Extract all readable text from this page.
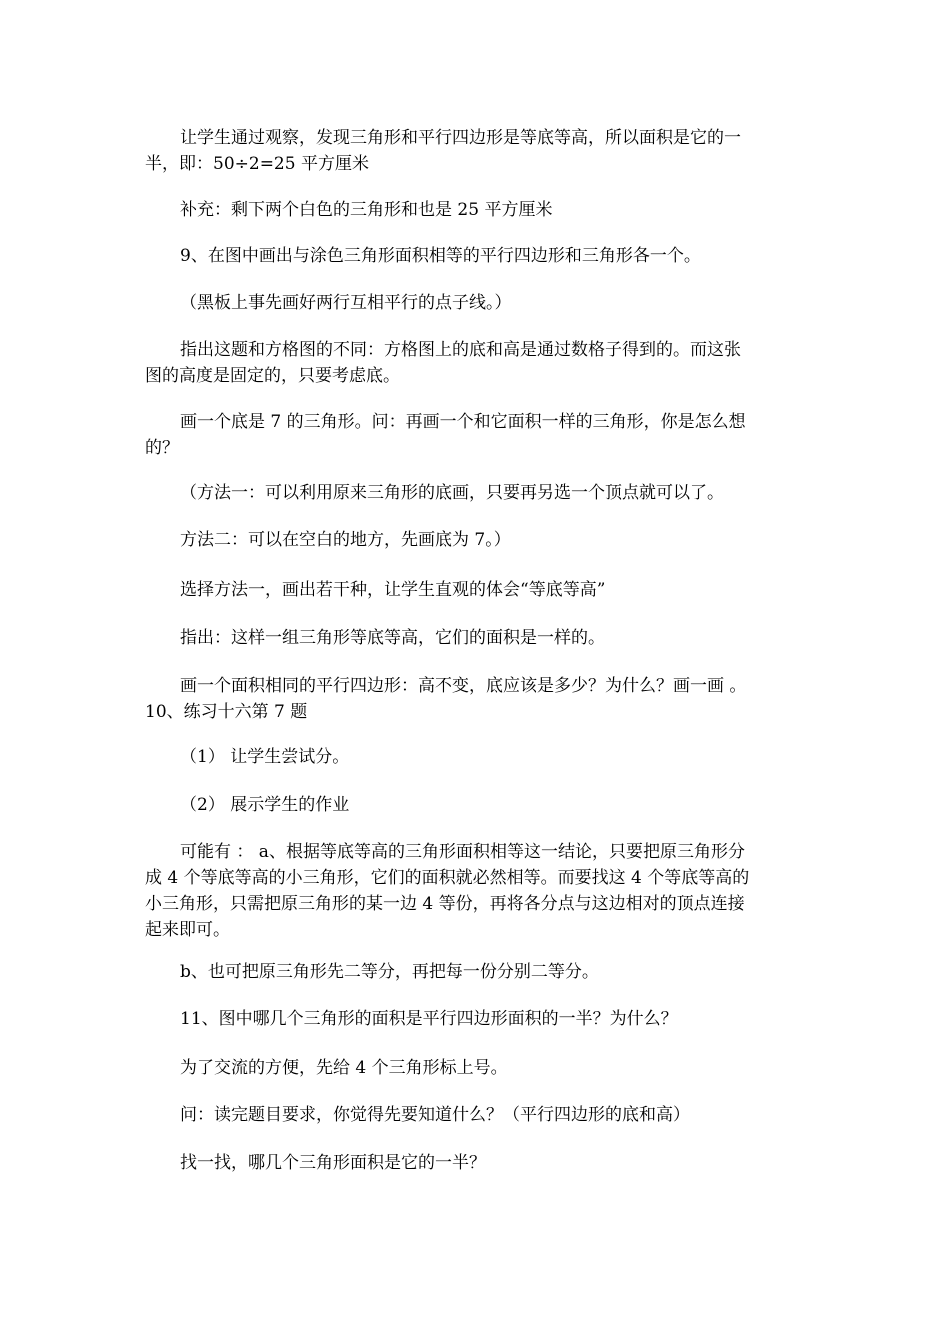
让学生通过观察，发现三角形和平行四边形是等底等高，所以面积是它的一
半，即：50÷2=25 平方厘米
补充：剩下两个白色的三角形和也是 25 平方厘米
9、在图中画出与涂色三角形面积相等的平行四边形和三角形各一个。
（黑板上事先画好两行互相平行的点子线。）
指出这题和方格图的不同：方格图上的底和高是通过数格子得到的。而这张
图的高度是固定的，只要考虑底。
画一个底是 7 的三角形。问：再画一个和它面积一样的三角形，你是怎么想
的？
（方法一：可以利用原来三角形的底画，只要再另选一个顶点就可以了。
方法二：可以在空白的地方，先画底为 7。）
选择方法一，画出若干种，让学生直观的体会“等底等高”
指出：这样一组三角形等底等高，它们的面积是一样的。
画一个面积相同的平行四边形：高不变，底应该是多少？为什么？画一画 。
10、练习十六第 7 题
（1） 让学生尝试分。
（2） 展示学生的作业
可能有 ： a、根据等底等高的三角形面积相等这一结论，只要把原三角形分
成 4 个等底等高的小三角形，它们的面积就必然相等。而要找这 4 个等底等高的
小三角形，只需把原三角形的某一边 4 等份，再将各分点与这边相对的顶点连接
起来即可。
b、也可把原三角形先二等分，再把每一份分别二等分。
11、图中哪几个三角形的面积是平行四边形面积的一半？为什么？
为了交流的方便，先给 4 个三角形标上号。
问：读完题目要求，你觉得先要知道什么？（平行四边形的底和高）
找一找，哪几个三角形面积是它的一半？
